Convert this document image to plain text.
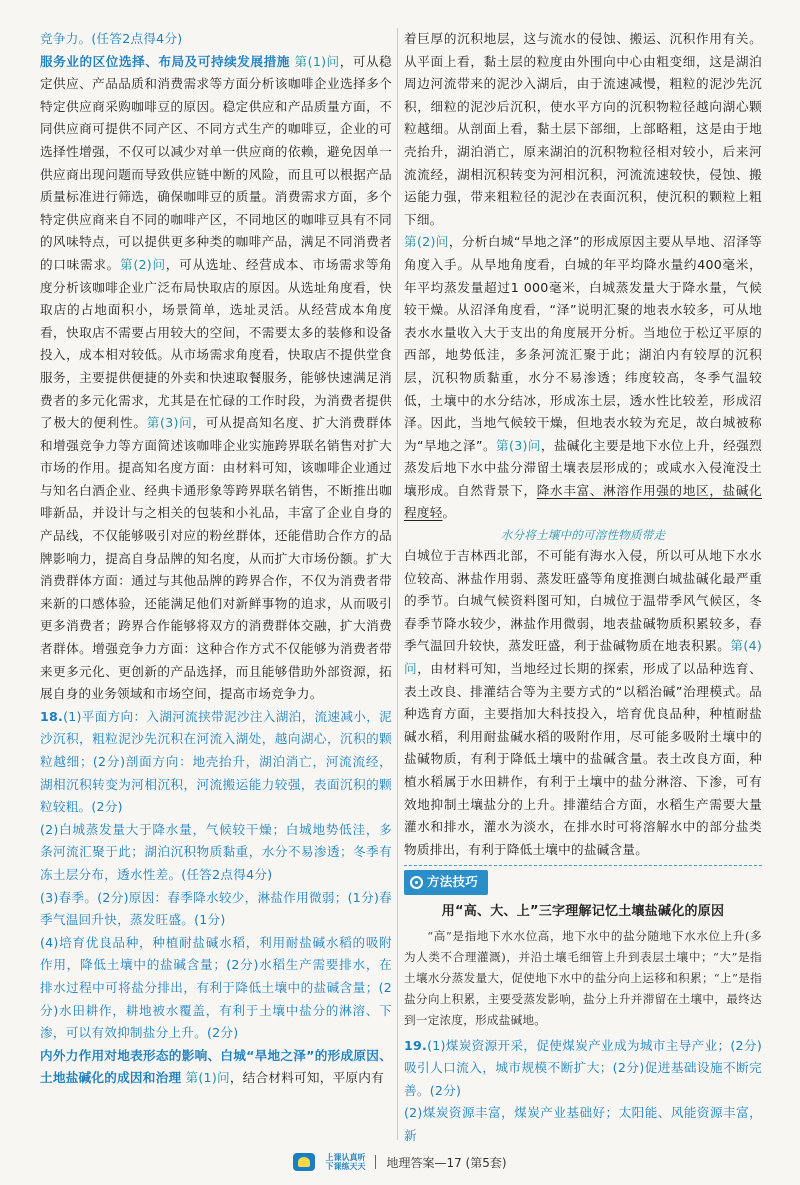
竞争力。(任答2点得4分)

服务业的区位选择、布局及可持续发展措施 第(1)问，可从稳定供应、产品品质和消费需求等方面分析该咖啡企业选择多个特定供应商采购咖啡豆的原因。稳定供应和产品质量方面，不同供应商可提供不同产区、不同方式生产的咖啡豆，企业的可选择性增强，不仅可以减少对单一供应商的依赖，避免因单一供应商出现问题而导致供应链中断的风险，而且可以根据产品质量标准进行筛选，确保咖啡豆的质量。消费需求方面，多个特定供应商来自不同的咖啡产区，不同地区的咖啡豆具有不同的风味特点，可以提供更多种类的咖啡产品，满足不同消费者的口味需求。第(2)问，可从选址、经营成本、市场需求等角度分析该咖啡企业广泛布局快取店的原因。从选址角度看，快取店的占地面积小，场景简单，选址灵活。从经营成本角度看，快取店不需要占用较大的空间，不需要太多的装修和设备投入，成本相对较低。从市场需求角度看，快取店不提供堂食服务，主要提供便捷的外卖和快速取餐服务，能够快速满足消费者的多元化需求，尤其是在忙碌的工作时段，为消费者提供了极大的便利性。第(3)问，可从提高知名度、扩大消费群体和增强竞争力等方面简述该咖啡企业实施跨界联名销售对扩大市场的作用。提高知名度方面：由材料可知，该咖啡企业通过与知名白酒企业、经典卡通形象等跨界联名销售，不断推出咖啡新品，并设计与之相关的包装和小礼品，丰富了企业自身的产品线，不仅能够吸引对应的粉丝群体，还能借助合作方的品牌影响力，提高自身品牌的知名度，从而扩大市场份额。扩大消费群体方面：通过与其他品牌的跨界合作，不仅为消费者带来新的口感体验，还能满足他们对新鲜事物的追求，从而吸引更多消费者；跨界合作能够将双方的消费群体交融，扩大消费者群体。增强竞争力方面：这种合作方式不仅能够为消费者带来更多元化、更创新的产品选择，而且能够借助外部资源，拓展自身的业务领域和市场空间，提高市场竞争力。

18.(1)平面方向：入湖河流挟带泥沙注入湖泊，流速减小，泥沙沉积，粗粒泥沙先沉积在河流入湖处，越向湖心，沉积的颗粒越细；(2分)剖面方向：地壳抬升，湖泊消亡，河流流经，湖相沉积转变为河相沉积，河流搬运能力较强，表面沉积的颗粒较粗。(2分)

(2)白城蒸发量大于降水量，气候较干燥；白城地势低洼，多条河流汇聚于此；湖泊沉积物质黏重，水分不易渗透；冬季有冻土层分布，透水性差。(任答2点得4分)

(3)春季。(2分)原因：春季降水较少，淋盐作用微弱；(1分)春季气温回升快，蒸发旺盛。(1分)

(4)培育优良品种，种植耐盐碱水稻，利用耐盐碱水稻的吸附作用，降低土壤中的盐碱含量；(2分)水稻生产需要排水，在排水过程中可将盐分排出，有利于降低土壤中的盐碱含量；(2分)水田耕作，耕地被水覆盖，有利于土壤中盐分的淋溶、下渗，可以有效抑制盐分上升。(2分)

内外力作用对地表形态的影响、白城“旱地之泽”的形成原因、土地盐碱化的成因和治理 第(1)问，结合材料可知，平原内有

着巨厚的沉积地层，这与流水的侵蚀、搬运、沉积作用有关。从平面上看，黏土层的粒度由外围向中心由粗变细，这是湖泊周边河流带来的泥沙入湖后，由于流速减慢，粗粒的泥沙先沉积，细粒的泥沙后沉积，使水平方向的沉积物粒径越向湖心颗粒越细。从剖面上看，黏土层下部细，上部略粗，这是由于地壳抬升，湖泊消亡，原来湖泊的沉积物粒径相对较小，后来河流流经，湖相沉积转变为河相沉积，河流流速较快，侵蚀、搬运能力强，带来粗粒径的泥沙在表面沉积，使沉积的颗粒上粗下细。

第(2)问，分析白城“旱地之泽”的形成原因主要从旱地、沼泽等角度入手。从旱地角度看，白城的年平均降水量约400毫米，年平均蒸发量超过1 000毫米，白城蒸发量大于降水量，气候较干燥。从沼泽角度看，“泽”说明汇聚的地表水较多，可从地表水水量收入大于支出的角度展开分析。当地位于松辽平原的西部，地势低洼，多条河流汇聚于此；湖泊内有较厚的沉积层，沉积物质黏重，水分不易渗透；纬度较高，冬季气温较低，土壤中的水分结冰，形成冻土层，透水性比较差，形成沼泽。因此，当地气候较干燥，但地表水较为充足，故白城被称为“旱地之泽”。第(3)问，盐碱化主要是地下水位上升，经强烈蒸发后地下水中盐分滞留土壤表层形成的；或咸水入侵淹没土壤形成。自然背景下，降水丰富、淋溶作用强的地区，盐碱化程度轻。

水分将土壤中的可溶性物质带走

白城位于吉林西北部，不可能有海水入侵，所以可从地下水水位较高、淋盐作用弱、蒸发旺盛等角度推测白城盐碱化最严重的季节。白城气候资料图可知，白城位于温带季风气候区，冬春季节降水较少，淋盐作用微弱，地表盐碱物质积累较多，春季气温回升较快，蒸发旺盛，利于盐碱物质在地表积累。第(4)问，由材料可知，当地经过长期的探索，形成了以品种选育、表土改良、排灌结合等为主要方式的“以稻治碱”治理模式。品种选育方面，主要指加大科技投入，培育优良品种，种植耐盐碱水稻，利用耐盐碱水稻的吸附作用，尽可能多吸附土壤中的盐碱物质，有利于降低土壤中的盐碱含量。表土改良方面，种植水稻属于水田耕作，有利于土壤中的盐分淋溶、下渗，可有效地抑制土壤盐分的上升。排灌结合方面，水稻生产需要大量灌水和排水，灌水为淡水，在排水时可将溶解水中的部分盐类物质排出，有利于降低土壤中的盐碱含量。

方法技巧
用“高、大、上”三字理解记忆土壤盐碱化的原因
“高”是指地下水水位高，地下水中的盐分随地下水水位上升(多为人类不合理灌溉)，并沿土壤毛细管上升到表层土壤中；“大”是指土壤水分蒸发量大，促使地下水中的盐分向上运移和积累；“上”是指盐分向上积累，主要受蒸发影响，盐分上升并滞留在土壤中，最终达到一定浓度，形成盐碱地。

19.(1)煤炭资源开采，促使煤炭产业成为城市主导产业；(2分)吸引人口流入，城市规模不断扩大；(2分)促进基础设施不断完善。(2分)

(2)煤炭资源丰富，煤炭产业基础好；太阳能、风能资源丰富，新

上课认真听
下课练天天 地理答案—17 (第5套)
